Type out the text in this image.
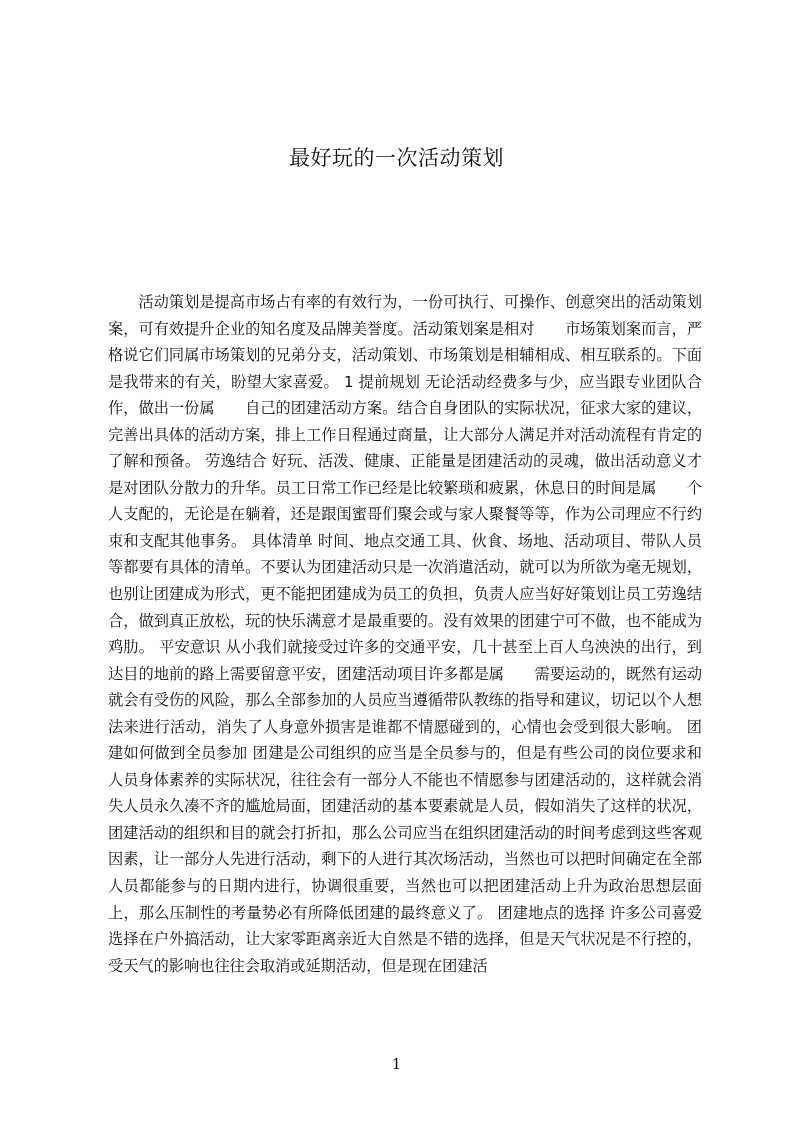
最好玩的一次活动策划

活动策划是提高市场占有率的有效行为，一份可执行、可操作、创意突出的活动策划案，可有效提升企业的知名度及品牌美誉度。活动策划案是相对　　市场策划案而言，严格说它们同属市场策划的兄弟分支，活动策划、市场策划是相辅相成、相互联系的。下面是我带来的有关，盼望大家喜爱。 1 提前规划 无论活动经费多与少，应当跟专业团队合作，做出一份属　　自己的团建活动方案。结合自身团队的实际状况，征求大家的建议，完善出具体的活动方案，排上工作日程通过商量，让大部分人满足并对活动流程有肯定的了解和预备。 劳逸结合 好玩、活泼、健康、正能量是团建活动的灵魂，做出活动意义才是对团队分散力的升华。员工日常工作已经是比较繁琐和疲累，休息日的时间是属　　个人支配的，无论是在躺着，还是跟闺蜜哥们聚会或与家人聚餐等等，作为公司理应不行约束和支配其他事务。 具体清单 时间、地点交通工具、伙食、场地、活动项目、带队人员等都要有具体的清单。不要认为团建活动只是一次消遣活动，就可以为所欲为毫无规划，也别让团建成为形式，更不能把团建成为员工的负担，负责人应当好好策划让员工劳逸结合，做到真正放松，玩的快乐满意才是最重要的。没有效果的团建宁可不做，也不能成为鸡肋。 平安意识 从小我们就接受过许多的交通平安，几十甚至上百人乌泱泱的出行，到达目的地前的路上需要留意平安，团建活动项目许多都是属　　需要运动的，既然有运动就会有受伤的风险，那么全部参加的人员应当遵循带队教练的指导和建议，切记以个人想法来进行活动，消失了人身意外损害是谁都不情愿碰到的，心情也会受到很大影响。 团建如何做到全员参加 团建是公司组织的应当是全员参与的，但是有些公司的岗位要求和人员身体素养的实际状况，往往会有一部分人不能也不情愿参与团建活动的，这样就会消失人员永久凑不齐的尴尬局面，团建活动的基本要素就是人员，假如消失了这样的状况，团建活动的组织和目的就会打折扣，那么公司应当在组织团建活动的时间考虑到这些客观因素，让一部分人先进行活动，剩下的人进行其次场活动，当然也可以把时间确定在全部人员都能参与的日期内进行，协调很重要，当然也可以把团建活动上升为政治思想层面上，那么压制性的考量势必有所降低团建的最终意义了。 团建地点的选择 许多公司喜爱选择在户外搞活动，让大家零距离亲近大自然是不错的选择，但是天气状况是不行控的，受天气的影响也往往会取消或延期活动，但是现在团建活

1
